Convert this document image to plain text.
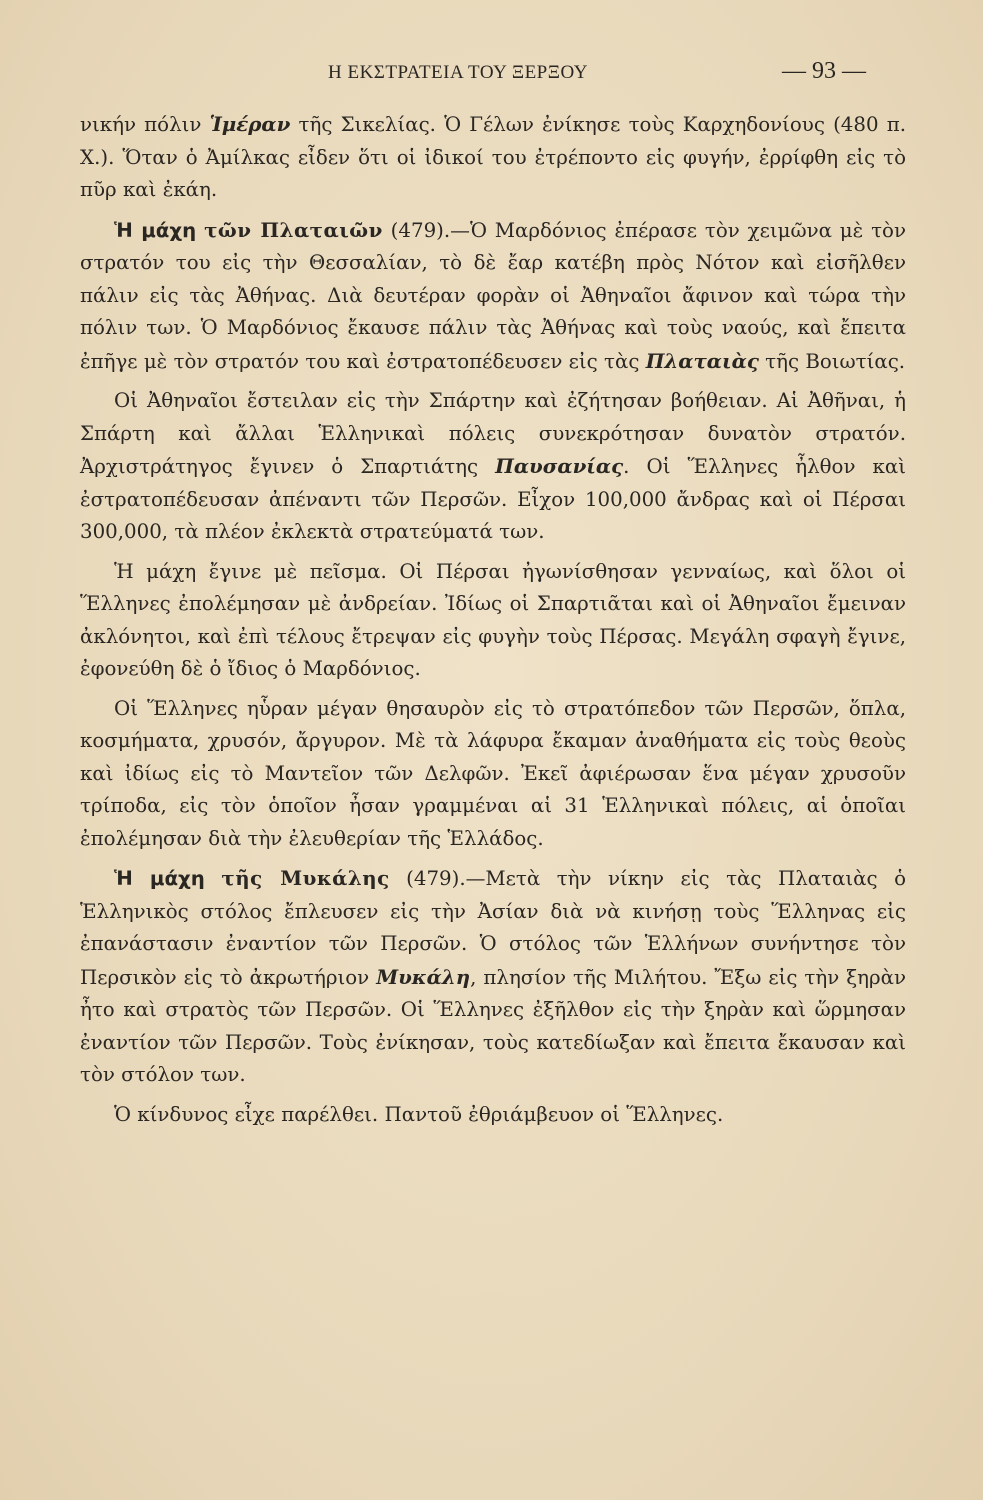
Η ΕΚΣΤΡΑΤΕΙΑ ΤΟΥ ΞΕΡΞΟΥ	— 93 —

νικήν πόλιν Ἱμέραν τῆς Σικελίας. Ὁ Γέλων ἐνίκησε τοὺς Καρχηδονίους (480 π. Χ.). Ὅταν ὁ Ἀμίλκας εἶδεν ὅτι οἱ ἰδικοί του ἐτρέποντο εἰς φυγήν, ἐρρίφθη εἰς τὸ πῦρ καὶ ἐκάη.

Ἡ μάχη τῶν Πλαταιῶν (479).—Ὁ Μαρδόνιος ἐπέρασε τὸν χειμῶνα μὲ τὸν στρατόν του εἰς τὴν Θεσσαλίαν, τὸ δὲ ἔαρ κατέβη πρὸς Νότον καὶ εἰσῆλθεν πάλιν εἰς τὰς Ἀθήνας. Διὰ δευτέραν φορὰν οἱ Ἀθηναῖοι ἄφινον καὶ τώρα τὴν πόλιν των. Ὁ Μαρδόνιος ἔκαυσε πάλιν τὰς Ἀθήνας καὶ τοὺς ναούς, καὶ ἔπειτα ἐπῆγε μὲ τὸν στρατόν του καὶ ἐστρατοπέδευσεν εἰς τὰς Πλαταιὰς τῆς Βοιωτίας.

Οἱ Ἀθηναῖοι ἔστειλαν εἰς τὴν Σπάρτην καὶ ἐζήτησαν βοήθειαν. Αἱ Ἀθῆναι, ἡ Σπάρτη καὶ ἄλλαι Ἑλληνικαὶ πόλεις συνεκρότησαν δυνατὸν στρατόν. Ἀρχιστράτηγος ἔγινεν ὁ Σπαρτιάτης Παυσανίας. Οἱ Ἕλληνες ἦλθον καὶ ἐστρατοπέδευσαν ἀπέναντι τῶν Περσῶν. Εἶχον 100,000 ἄνδρας καὶ οἱ Πέρσαι 300,000, τὰ πλέον ἐκλεκτὰ στρατεύματά των.

Ἡ μάχη ἔγινε μὲ πεῖσμα. Οἱ Πέρσαι ἠγωνίσθησαν γενναίως, καὶ ὅλοι οἱ Ἕλληνες ἐπολέμησαν μὲ ἀνδρείαν. Ἰδίως οἱ Σπαρτιᾶται καὶ οἱ Ἀθηναῖοι ἔμειναν ἀκλόνητοι, καὶ ἐπὶ τέλους ἔτρεψαν εἰς φυγὴν τοὺς Πέρσας. Μεγάλη σφαγὴ ἔγινε, ἐφονεύθη δὲ ὁ ἴδιος ὁ Μαρδόνιος.

Οἱ Ἕλληνες ηὗραν μέγαν θησαυρὸν εἰς τὸ στρατόπεδον τῶν Περσῶν, ὅπλα, κοσμήματα, χρυσόν, ἄργυρον. Μὲ τὰ λάφυρα ἔκαμαν ἀναθήματα εἰς τοὺς θεοὺς καὶ ἰδίως εἰς τὸ Μαντεῖον τῶν Δελφῶν. Ἐκεῖ ἀφιέρωσαν ἕνα μέγαν χρυσοῦν τρίποδα, εἰς τὸν ὁποῖον ἦσαν γραμμέναι αἱ 31 Ἑλληνικαὶ πόλεις, αἱ ὁποῖαι ἐπολέμησαν διὰ τὴν ἐλευθερίαν τῆς Ἑλλάδος.

Ἡ μάχη τῆς Μυκάλης (479).—Μετὰ τὴν νίκην εἰς τὰς Πλαταιὰς ὁ Ἑλληνικὸς στόλος ἔπλευσεν εἰς τὴν Ἀσίαν διὰ νὰ κινήσῃ τοὺς Ἕλληνας εἰς ἐπανάστασιν ἐναντίον τῶν Περσῶν. Ὁ στόλος τῶν Ἑλλήνων συνήντησε τὸν Περσικὸν εἰς τὸ ἀκρωτήριον Μυκάλη, πλησίον τῆς Μιλήτου. Ἔξω εἰς τὴν ξηρὰν ἦτο καὶ στρατὸς τῶν Περσῶν. Οἱ Ἕλληνες ἐξῆλθον εἰς τὴν ξηρὰν καὶ ὥρμησαν ἐναντίον τῶν Περσῶν. Τοὺς ἐνίκησαν, τοὺς κατεδίωξαν καὶ ἔπειτα ἔκαυσαν καὶ τὸν στόλον των.

Ὁ κίνδυνος εἶχε παρέλθει. Παντοῦ ἐθριάμβευον οἱ Ἕλληνες.
